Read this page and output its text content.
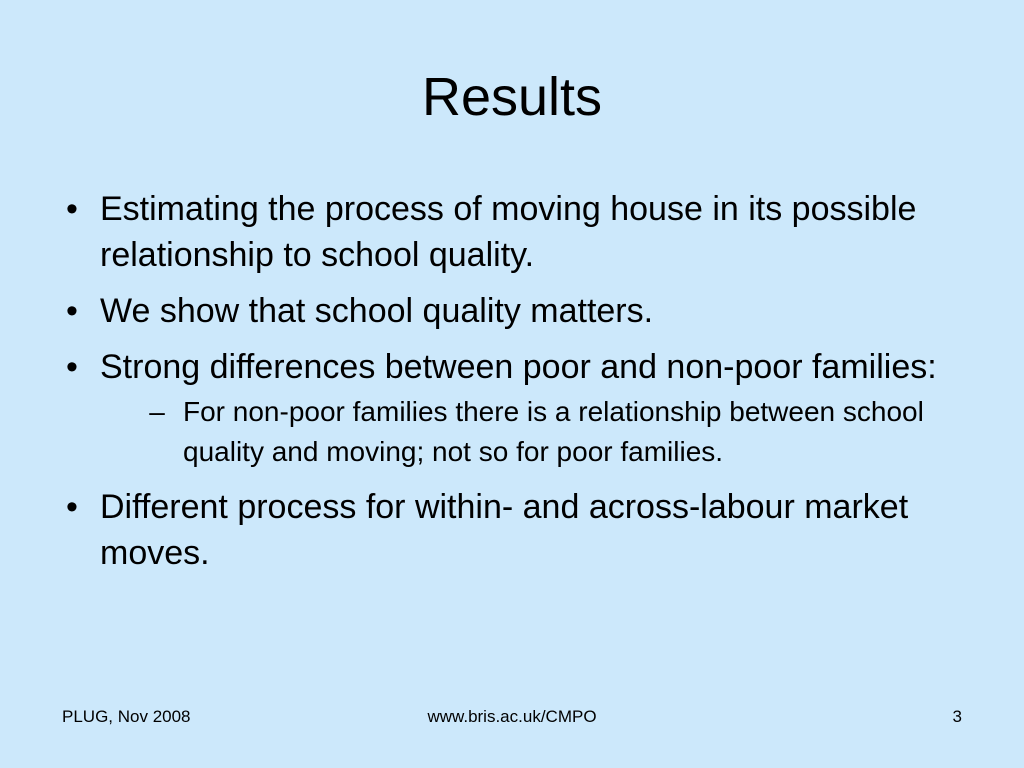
Results
• Estimating the process of moving house in its possible relationship to school quality.
• We show that school quality matters.
• Strong differences between poor and non-poor families:
– For non-poor families there is a relationship between school quality and moving; not so for poor families.
• Different process for within- and across-labour market moves.
PLUG, Nov 2008	www.bris.ac.uk/CMPO	3
